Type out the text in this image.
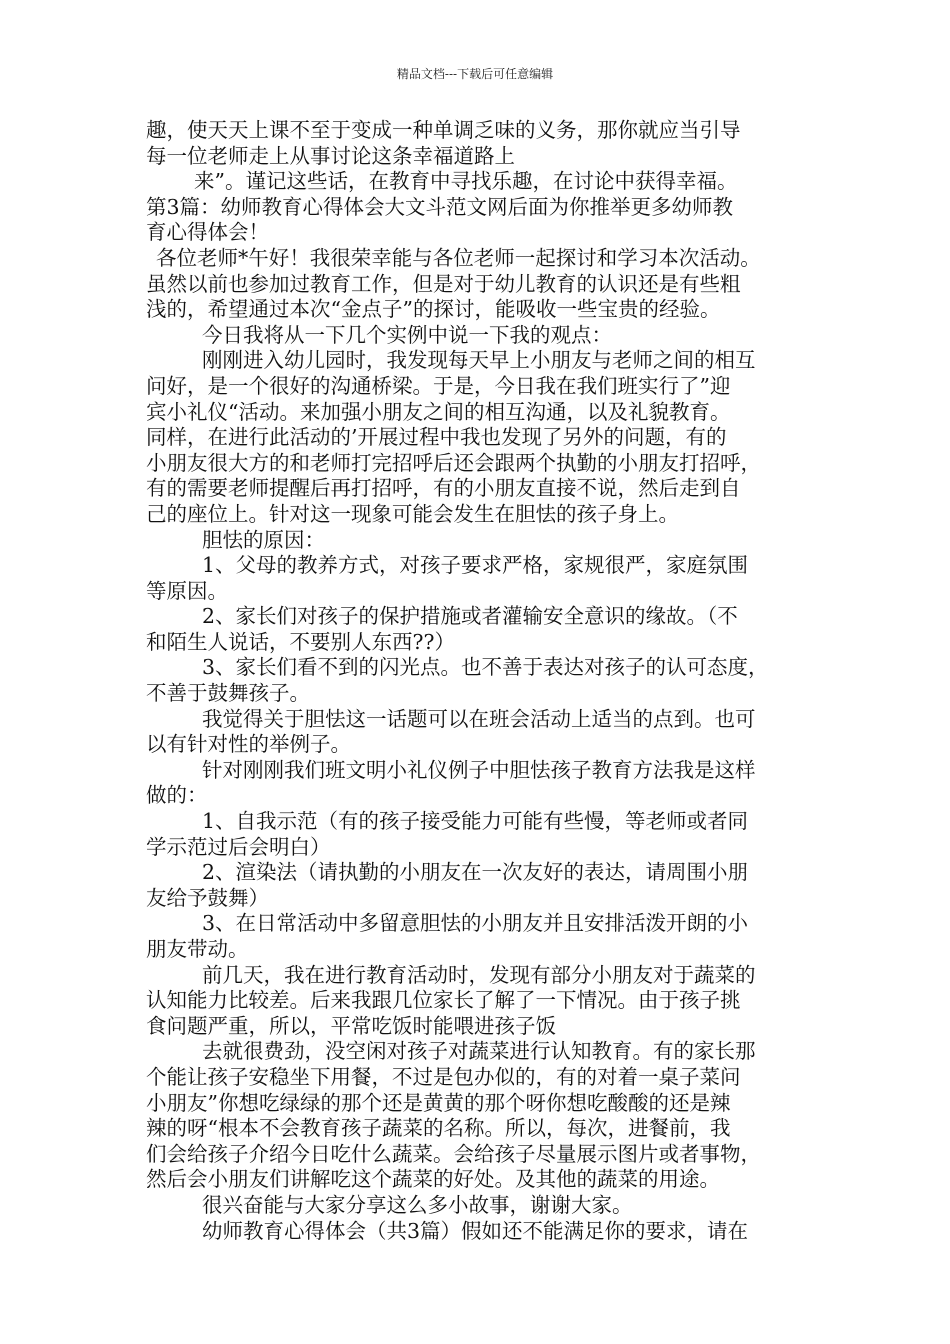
精品文档---下载后可任意编辑
趣，使天天上课不至于变成一种单调乏味的义务，那你就应当引导
每一位老师走上从事讨论这条幸福道路上
来”。谨记这些话，在教育中寻找乐趣，在讨论中获得幸福。
第3篇：幼师教育心得体会大文斗范文网后面为你推举更多幼师教
育心得体会！
各位老师*午好！我很荣幸能与各位老师一起探讨和学习本次活动。
虽然以前也参加过教育工作，但是对于幼儿教育的认识还是有些粗
浅的，希望通过本次“金点子”的探讨，能吸收一些宝贵的经验。
今日我将从一下几个实例中说一下我的观点：
刚刚进入幼儿园时，我发现每天早上小朋友与老师之间的相互
问好，是一个很好的沟通桥梁。于是，今日我在我们班实行了”迎
宾小礼仪“活动。来加强小朋友之间的相互沟通，以及礼貌教育。
同样，在进行此活动的’开展过程中我也发现了另外的问题，有的
小朋友很大方的和老师打完招呼后还会跟两个执勤的小朋友打招呼，
有的需要老师提醒后再打招呼，有的小朋友直接不说，然后走到自
己的座位上。针对这一现象可能会发生在胆怯的孩子身上。
胆怯的原因：
1、父母的教养方式，对孩子要求严格，家规很严，家庭氛围
等原因。
2、家长们对孩子的保护措施或者灌输安全意识的缘故。（不
和陌生人说话，不要别人东西??）
3、家长们看不到的闪光点。也不善于表达对孩子的认可态度，
不善于鼓舞孩子。
我觉得关于胆怯这一话题可以在班会活动上适当的点到。也可
以有针对性的举例子。
针对刚刚我们班文明小礼仪例子中胆怯孩子教育方法我是这样
做的：
1、自我示范（有的孩子接受能力可能有些慢，等老师或者同
学示范过后会明白）
2、渲染法（请执勤的小朋友在一次友好的表达，请周围小朋
友给予鼓舞）
3、在日常活动中多留意胆怯的小朋友并且安排活泼开朗的小
朋友带动。
前几天，我在进行教育活动时，发现有部分小朋友对于蔬菜的
认知能力比较差。后来我跟几位家长了解了一下情况。由于孩子挑
食问题严重，所以，平常吃饭时能喂进孩子饭
去就很费劲，没空闲对孩子对蔬菜进行认知教育。有的家长那
个能让孩子安稳坐下用餐，不过是包办似的，有的对着一桌子菜问
小朋友”你想吃绿绿的那个还是黄黄的那个呀你想吃酸酸的还是辣
辣的呀“根本不会教育孩子蔬菜的名称。所以，每次，进餐前，我
们会给孩子介绍今日吃什么蔬菜。会给孩子尽量展示图片或者事物，
然后会小朋友们讲解吃这个蔬菜的好处。及其他的蔬菜的用途。
很兴奋能与大家分享这么多小故事，谢谢大家。
幼师教育心得体会（共3篇）假如还不能满足你的要求，请在
